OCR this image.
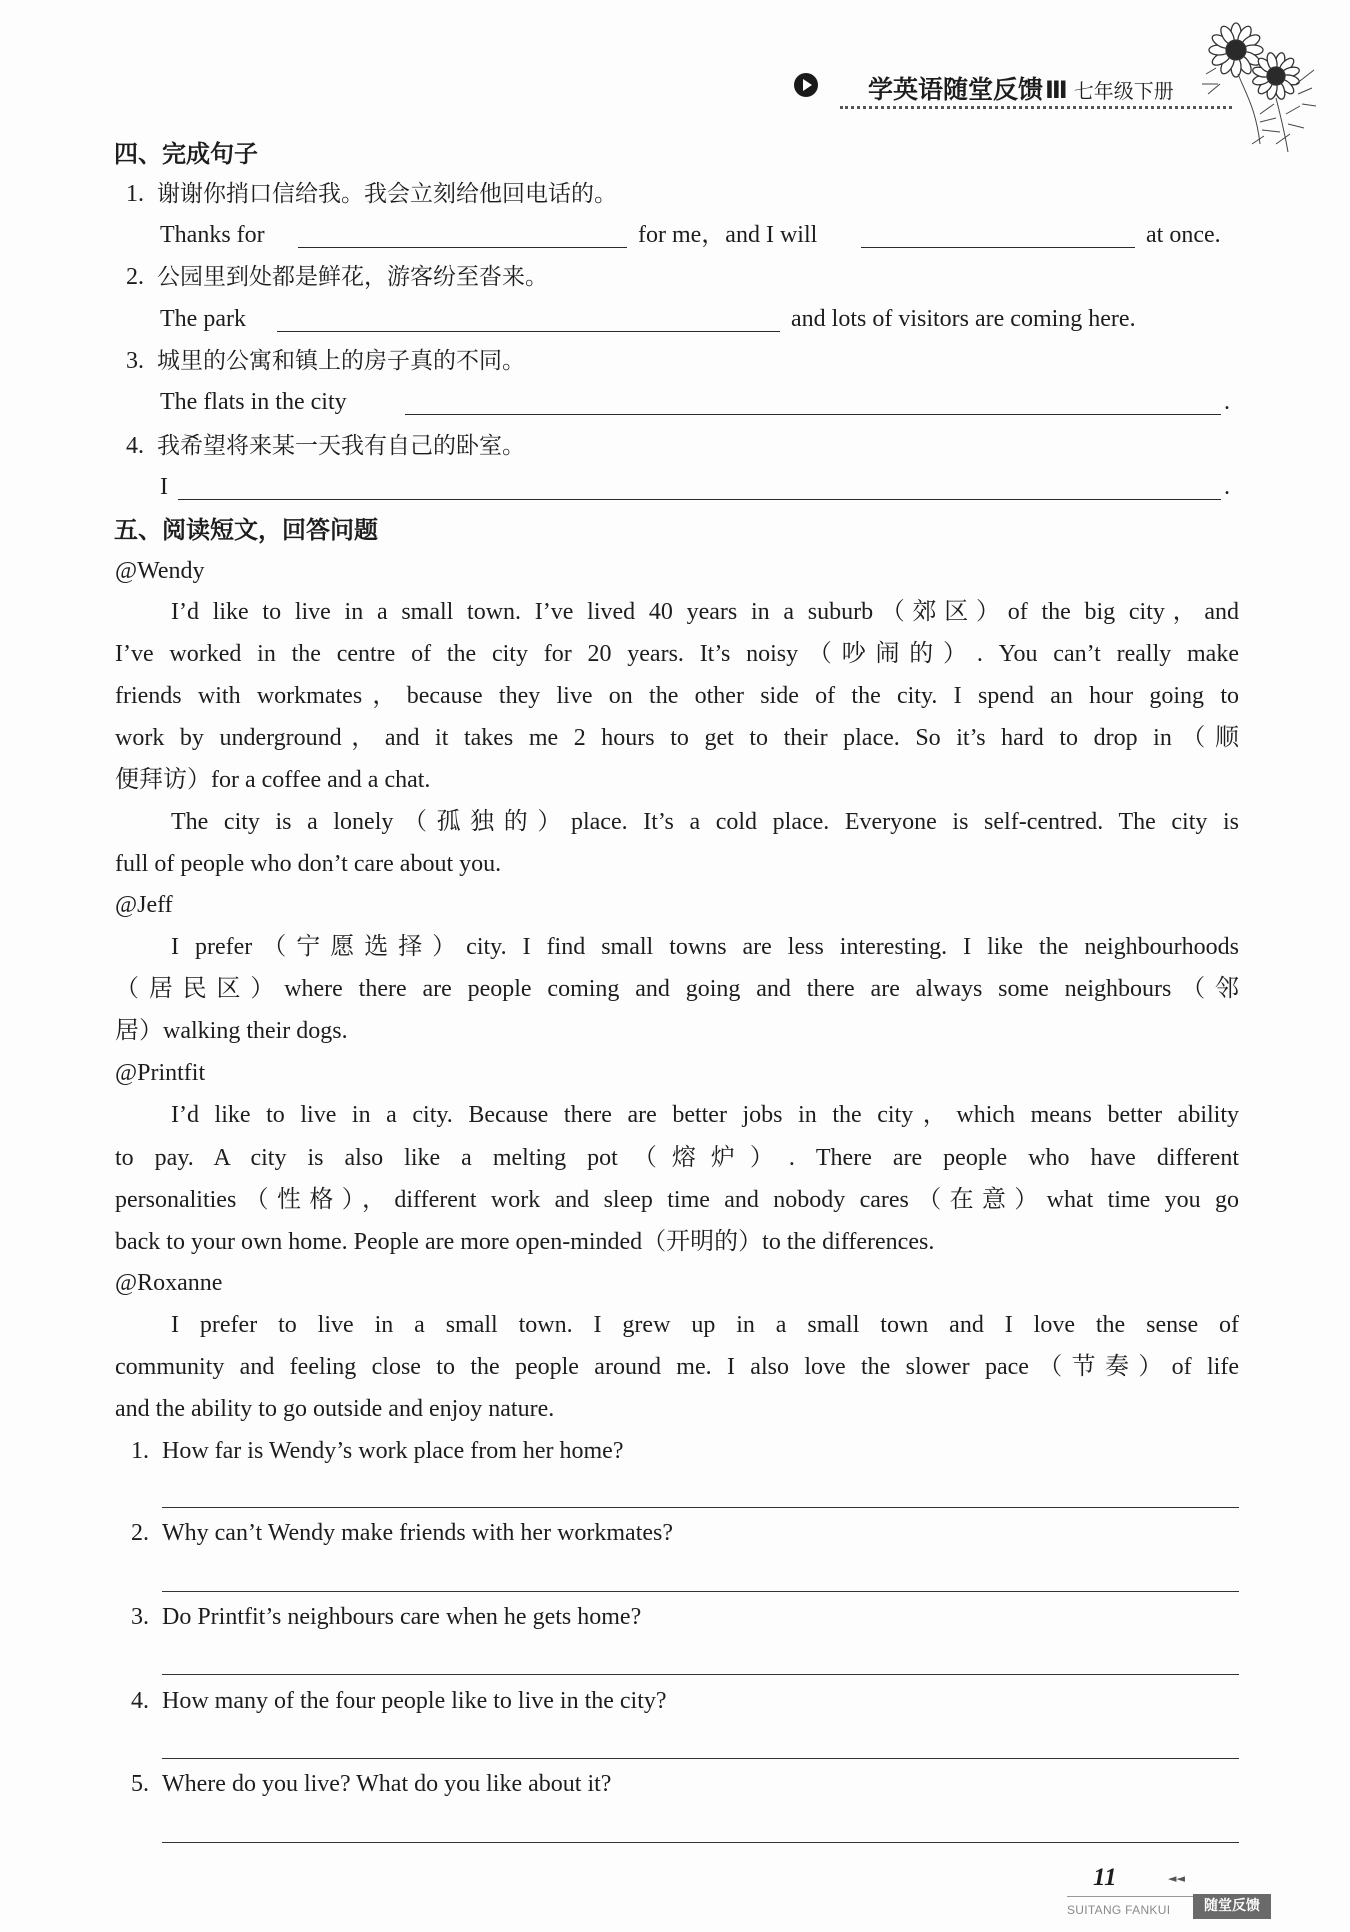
学英语随堂反馈 Ⅲ 七年级下册
四、完成句子
1. 谢谢你捎口信给我。我会立刻给他回电话的。
Thanks for	for me，and I will	at once.
2. 公园里到处都是鲜花，游客纷至沓来。
The park	and lots of visitors are coming here.
3. 城里的公寓和镇上的房子真的不同。
The flats in the city	.
4. 我希望将来某一天我有自己的卧室。
I	.
五、阅读短文，回答问题
@Wendy
I’d like to live in a small town. I’ve lived 40 years in a suburb（郊区）of the big city，and
I’ve worked in the centre of the city for 20 years. It’s noisy（吵闹的）. You can’t really make
friends with workmates，because they live on the other side of the city. I spend an hour going to
work by underground，and it takes me 2 hours to get to their place. So it’s hard to drop in（顺
便拜访）for a coffee and a chat.
The city is a lonely（孤独的）place. It’s a cold place. Everyone is self-centred. The city is
full of people who don’t care about you.
@Jeff
I prefer（宁愿选择）city. I find small towns are less interesting. I like the neighbourhoods
（居民区）where there are people coming and going and there are always some neighbours（邻
居）walking their dogs.
@Printfit
I’d like to live in a city. Because there are better jobs in the city，which means better ability
to pay. A city is also like a melting pot（熔炉）. There are people who have different
personalities（性格），different work and sleep time and nobody cares（在意）what time you go
back to your own home. People are more open-minded（开明的）to the differences.
@Roxanne
I prefer to live in a small town. I grew up in a small town and I love the sense of
community and feeling close to the people around me. I also love the slower pace（节奏）of life
and the ability to go outside and enjoy nature.
1. How far is Wendy’s work place from her home?
2. Why can’t Wendy make friends with her workmates?
3. Do Printfit’s neighbours care when he gets home?
4. How many of the four people like to live in the city?
5. Where do you live? What do you like about it?
11	◄◄
SUITANG FANKUI	随堂反馈
